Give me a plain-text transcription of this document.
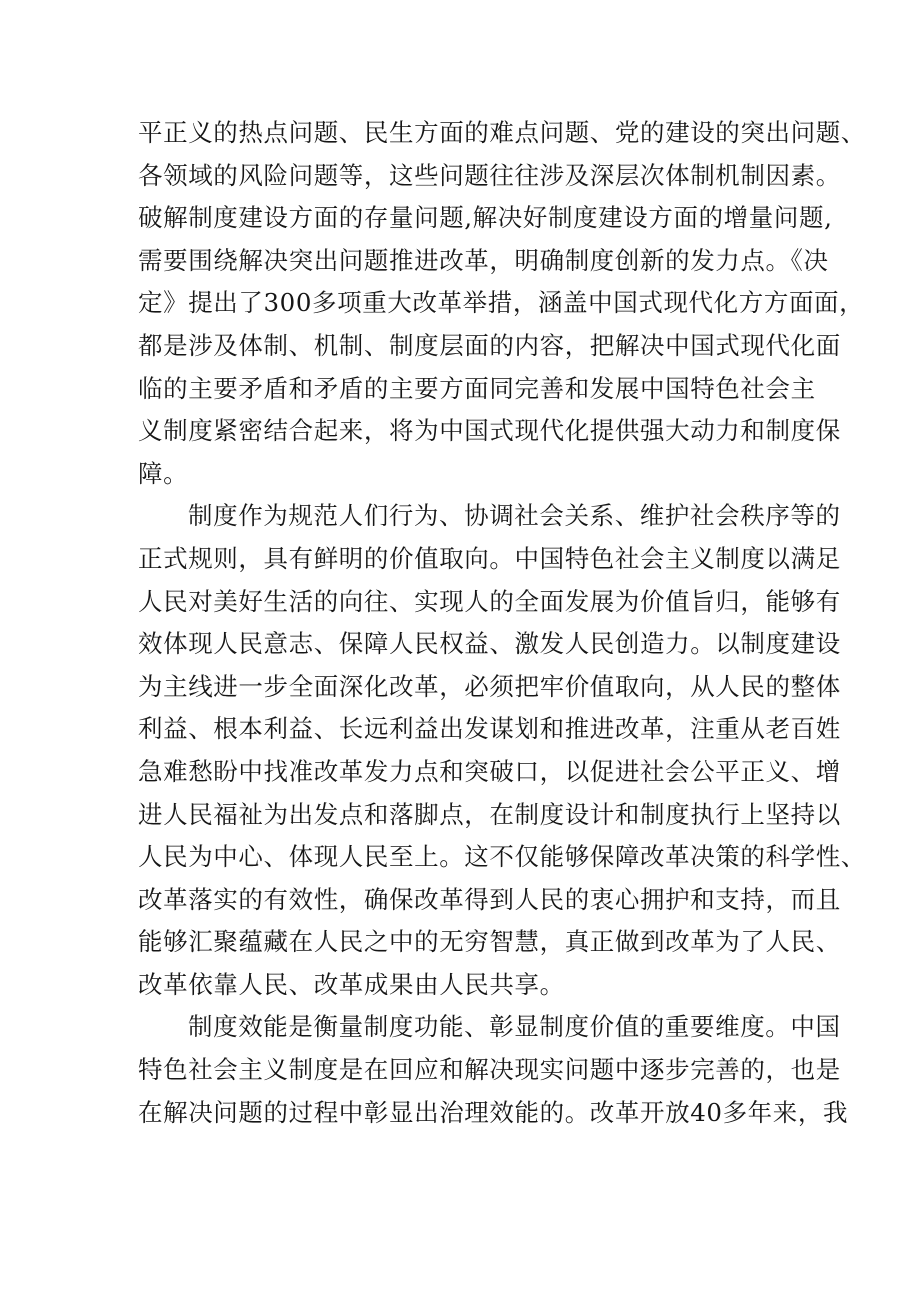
平正义的热点问题、民生方面的难点问题、党的建设的突出问题、
各领域的风险问题等，这些问题往往涉及深层次体制机制因素。
破解制度建设方面的存量问题,解决好制度建设方面的增量问题,
需要围绕解决突出问题推进改革，明确制度创新的发力点。《决
定》提出了300多项重大改革举措，涵盖中国式现代化方方面面，
都是涉及体制、机制、制度层面的内容，把解决中国式现代化面
临的主要矛盾和矛盾的主要方面同完善和发展中国特色社会主
义制度紧密结合起来，将为中国式现代化提供强大动力和制度保
障。
制度作为规范人们行为、协调社会关系、维护社会秩序等的
正式规则，具有鲜明的价值取向。中国特色社会主义制度以满足
人民对美好生活的向往、实现人的全面发展为价值旨归，能够有
效体现人民意志、保障人民权益、激发人民创造力。以制度建设
为主线进一步全面深化改革，必须把牢价值取向，从人民的整体
利益、根本利益、长远利益出发谋划和推进改革，注重从老百姓
急难愁盼中找准改革发力点和突破口，以促进社会公平正义、增
进人民福祉为出发点和落脚点，在制度设计和制度执行上坚持以
人民为中心、体现人民至上。这不仅能够保障改革决策的科学性、
改革落实的有效性，确保改革得到人民的衷心拥护和支持，而且
能够汇聚蕴藏在人民之中的无穷智慧，真正做到改革为了人民、
改革依靠人民、改革成果由人民共享。
制度效能是衡量制度功能、彰显制度价值的重要维度。中国
特色社会主义制度是在回应和解决现实问题中逐步完善的，也是
在解决问题的过程中彰显出治理效能的。改革开放40多年来，我
